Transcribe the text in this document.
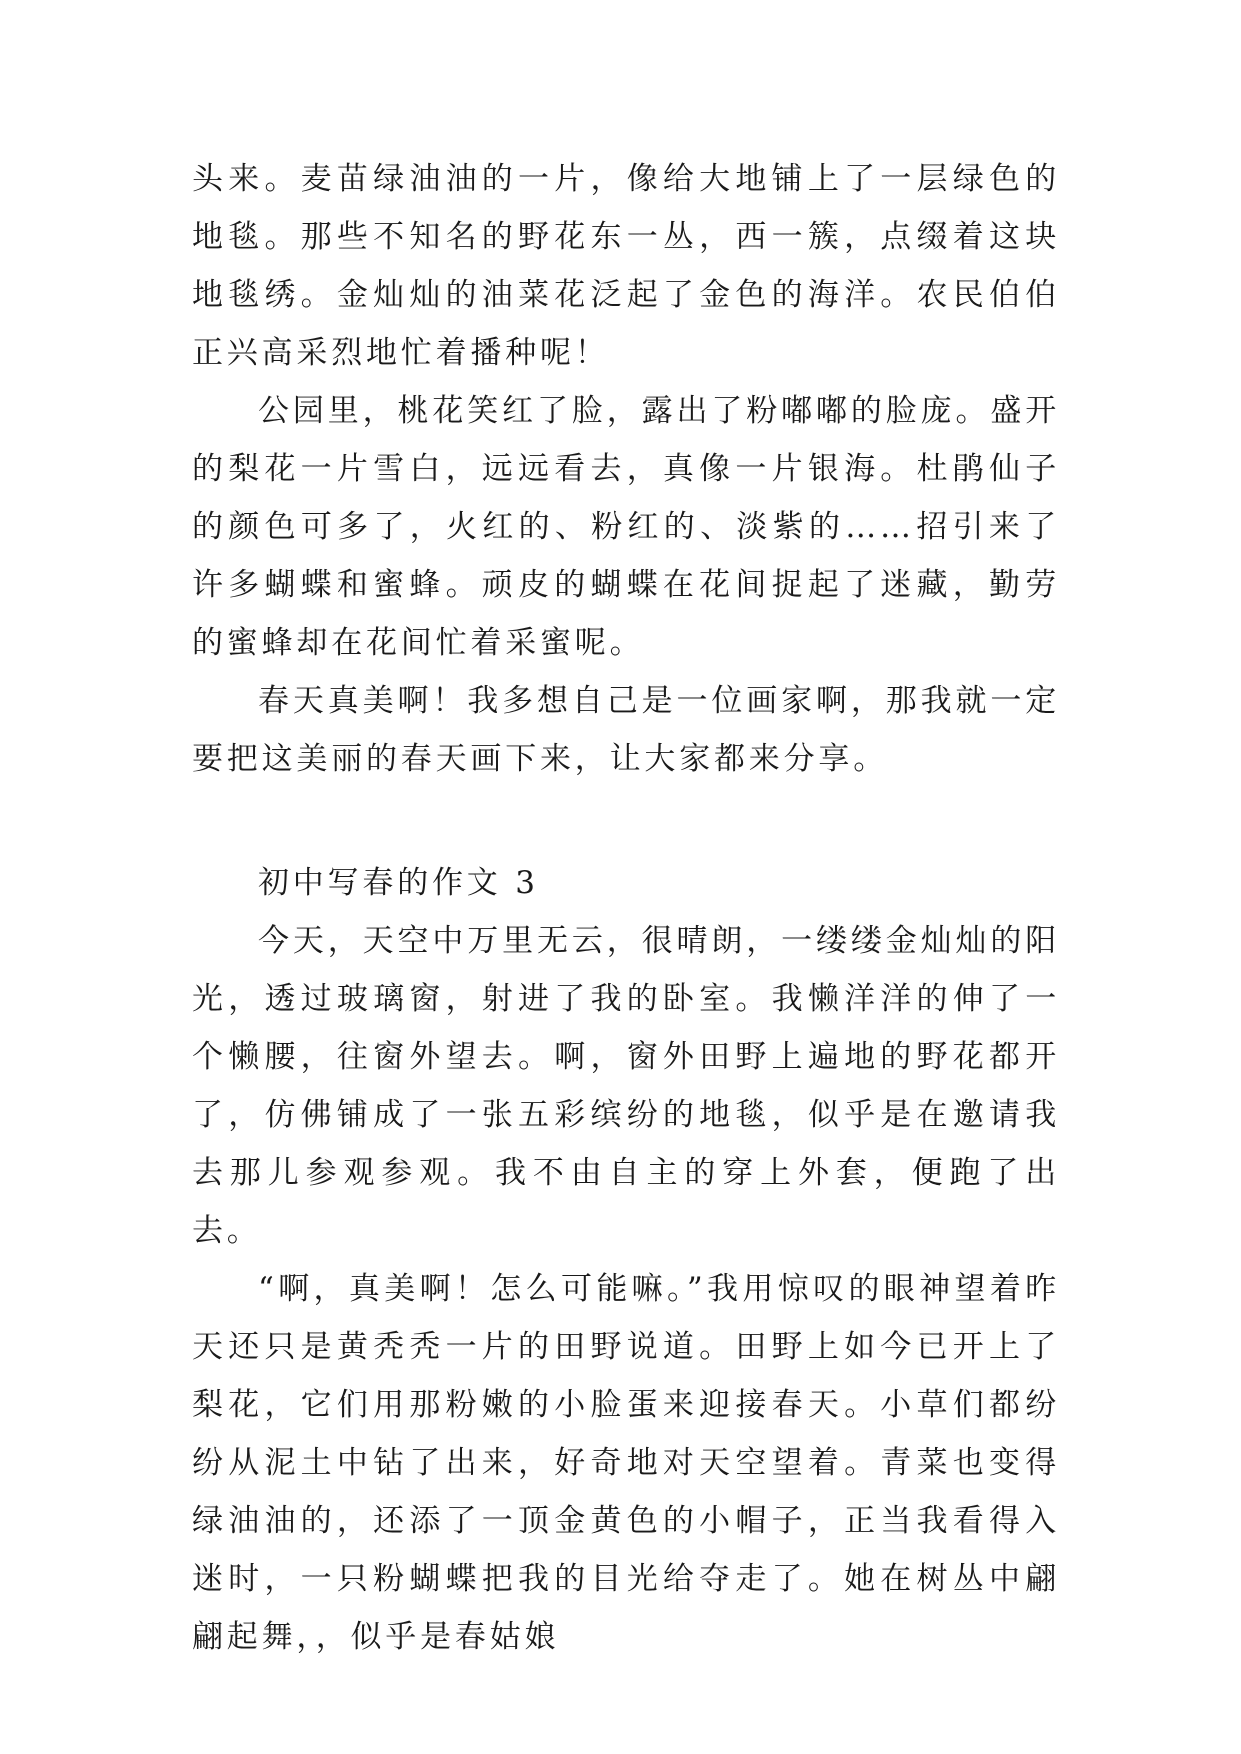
头来。麦苗绿油油的一片，像给大地铺上了一层绿色的地毯。那些不知名的野花东一丛，西一簇，点缀着这块地毯绣。金灿灿的油菜花泛起了金色的海洋。农民伯伯正兴高采烈地忙着播种呢！

公园里，桃花笑红了脸，露出了粉嘟嘟的脸庞。盛开的梨花一片雪白，远远看去，真像一片银海。杜鹃仙子的颜色可多了，火红的、粉红的、淡紫的……招引来了许多蝴蝶和蜜蜂。顽皮的蝴蝶在花间捉起了迷藏，勤劳的蜜蜂却在花间忙着采蜜呢。

春天真美啊！我多想自己是一位画家啊，那我就一定要把这美丽的春天画下来，让大家都来分享。

初中写春的作文 3

今天，天空中万里无云，很晴朗，一缕缕金灿灿的阳光，透过玻璃窗，射进了我的卧室。我懒洋洋的伸了一个懒腰，往窗外望去。啊，窗外田野上遍地的野花都开了，仿佛铺成了一张五彩缤纷的地毯，似乎是在邀请我去那儿参观参观。我不由自主的穿上外套，便跑了出去。

“啊，真美啊！怎么可能嘛。”我用惊叹的眼神望着昨天还只是黄秃秃一片的田野说道。田野上如今已开上了梨花，它们用那粉嫩的小脸蛋来迎接春天。小草们都纷纷从泥土中钻了出来，好奇地对天空望着。青菜也变得绿油油的，还添了一顶金黄色的小帽子，正当我看得入迷时，一只粉蝴蝶把我的目光给夺走了。她在树丛中翩翩起舞，，似乎是春姑娘
